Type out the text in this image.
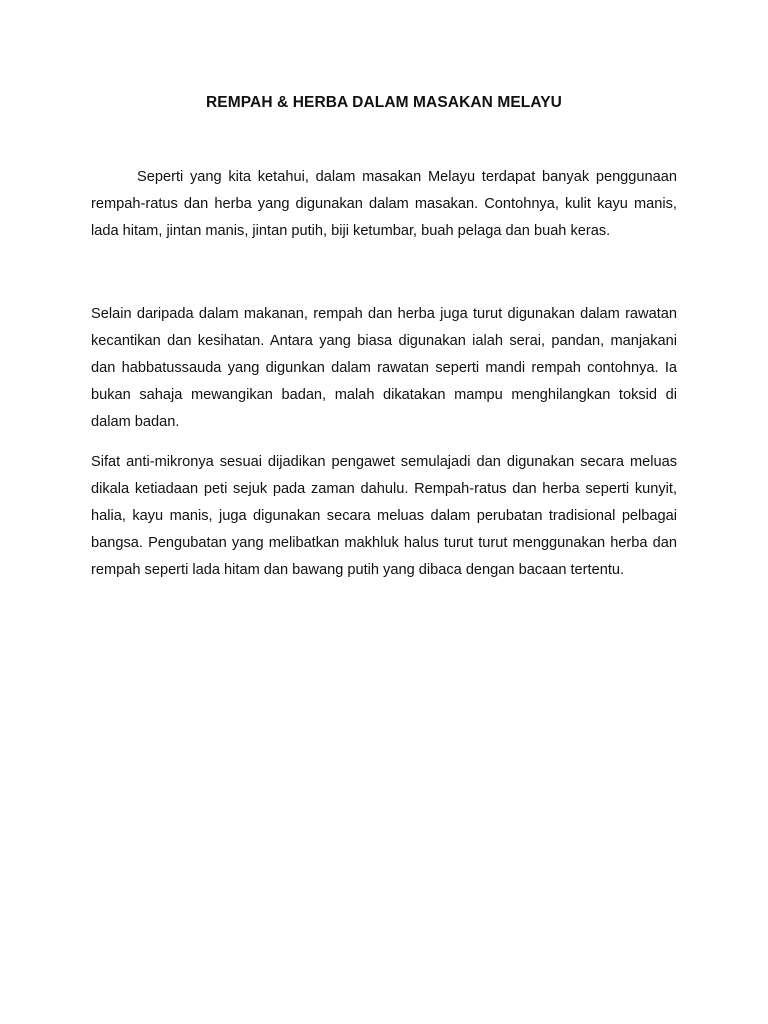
REMPAH & HERBA DALAM MASAKAN MELAYU

Seperti yang kita ketahui, dalam masakan Melayu terdapat banyak penggunaan rempah-ratus dan herba yang digunakan dalam masakan. Contohnya, kulit kayu manis, lada hitam, jintan manis, jintan putih, biji ketumbar, buah pelaga dan buah keras.

Selain daripada dalam makanan, rempah dan herba juga turut digunakan dalam rawatan kecantikan dan kesihatan. Antara yang biasa digunakan ialah serai, pandan, manjakani dan habbatussauda yang digunkan dalam rawatan seperti mandi rempah contohnya. Ia bukan sahaja mewangikan badan, malah dikatakan mampu menghilangkan toksid di dalam badan.

Sifat anti-mikronya sesuai dijadikan pengawet semulajadi dan digunakan secara meluas dikala ketiadaan peti sejuk pada zaman dahulu. Rempah-ratus dan herba seperti kunyit, halia, kayu manis, juga digunakan secara meluas dalam perubatan tradisional pelbagai bangsa. Pengubatan yang melibatkan makhluk halus turut turut menggunakan herba dan rempah seperti lada hitam dan bawang putih yang dibaca dengan bacaan tertentu.
